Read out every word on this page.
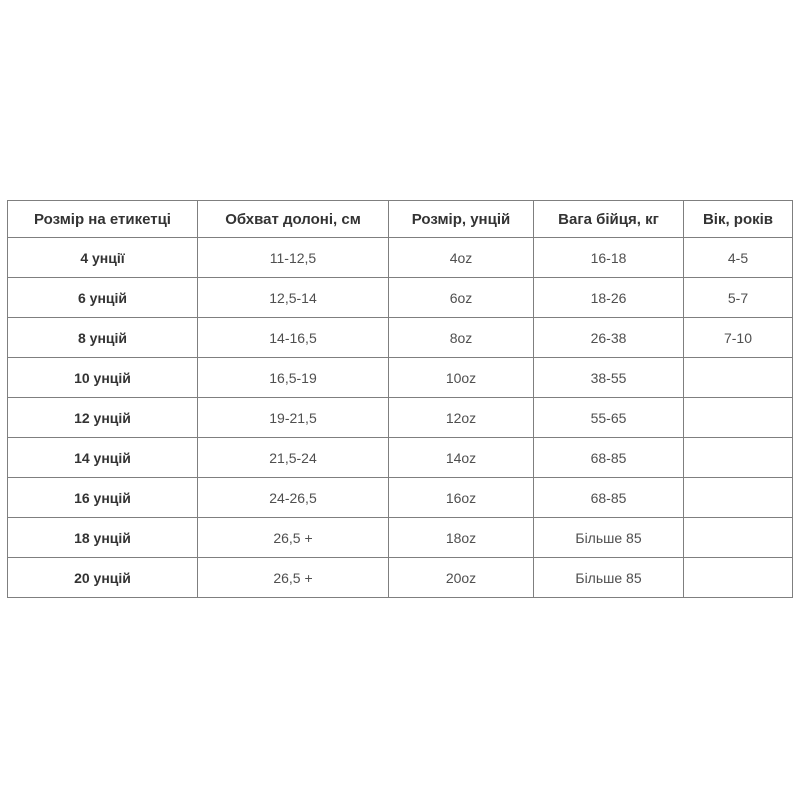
Розмір на етикетці	Обхват долоні, см	Розмір, унцій	Вага бійця, кг	Вік, років
4 унції	11-12,5	4oz	16-18	4-5
6 унцій	12,5-14	6oz	18-26	5-7
8 унцій	14-16,5	8oz	26-38	7-10
10 унцій	16,5-19	10oz	38-55	
12 унцій	19-21,5	12oz	55-65	
14 унцій	21,5-24	14oz	68-85	
16 унцій	24-26,5	16oz	68-85	
18 унцій	26,5 +	18oz	Більше 85	
20 унцій	26,5 +	20oz	Більше 85	
